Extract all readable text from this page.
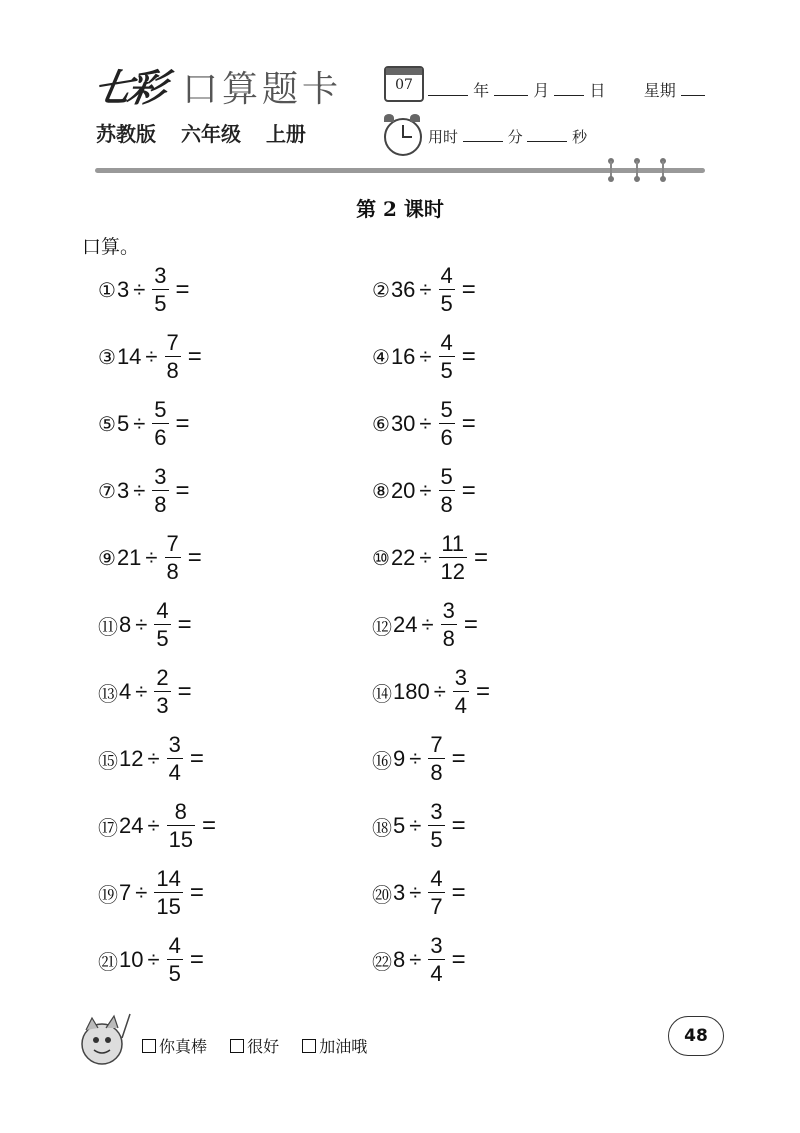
七彩 口算题卡
苏教版 六年级 上册
07	年	月	日 星期
用时	分	秒
第 2 课时
口算。
① $3 \div \frac{3}{5}$ =	② $36 \div \frac{4}{5}$ =
③ $14 \div \frac{7}{8}$ =	④ $16 \div \frac{4}{5}$ =
⑤ $5 \div \frac{5}{6}$ =	⑥ $30 \div \frac{5}{6}$ =
⑦ $3 \div \frac{3}{8}$ =	⑧ $20 \div \frac{5}{8}$ =
⑨ $21 \div \frac{7}{8}$ =	⑩ $22 \div \frac{11}{12}$ =
⑪ $8 \div \frac{4}{5}$ =	⑫ $24 \div \frac{3}{8}$ =
⑬ $4 \div \frac{2}{3}$ =	⑭ $180 \div \frac{3}{4}$ =
⑮ $12 \div \frac{3}{4}$ =	⑯ $9 \div \frac{7}{8}$ =
⑰ $24 \div \frac{8}{15}$ =	⑱ $5 \div \frac{3}{5}$ =
⑲ $7 \div \frac{14}{15}$ =	⑳ $3 \div \frac{4}{7}$ =
㉑ $10 \div \frac{4}{5}$ =	㉒ $8 \div \frac{3}{4}$ =
你真棒
	很好
	加油哦
48
